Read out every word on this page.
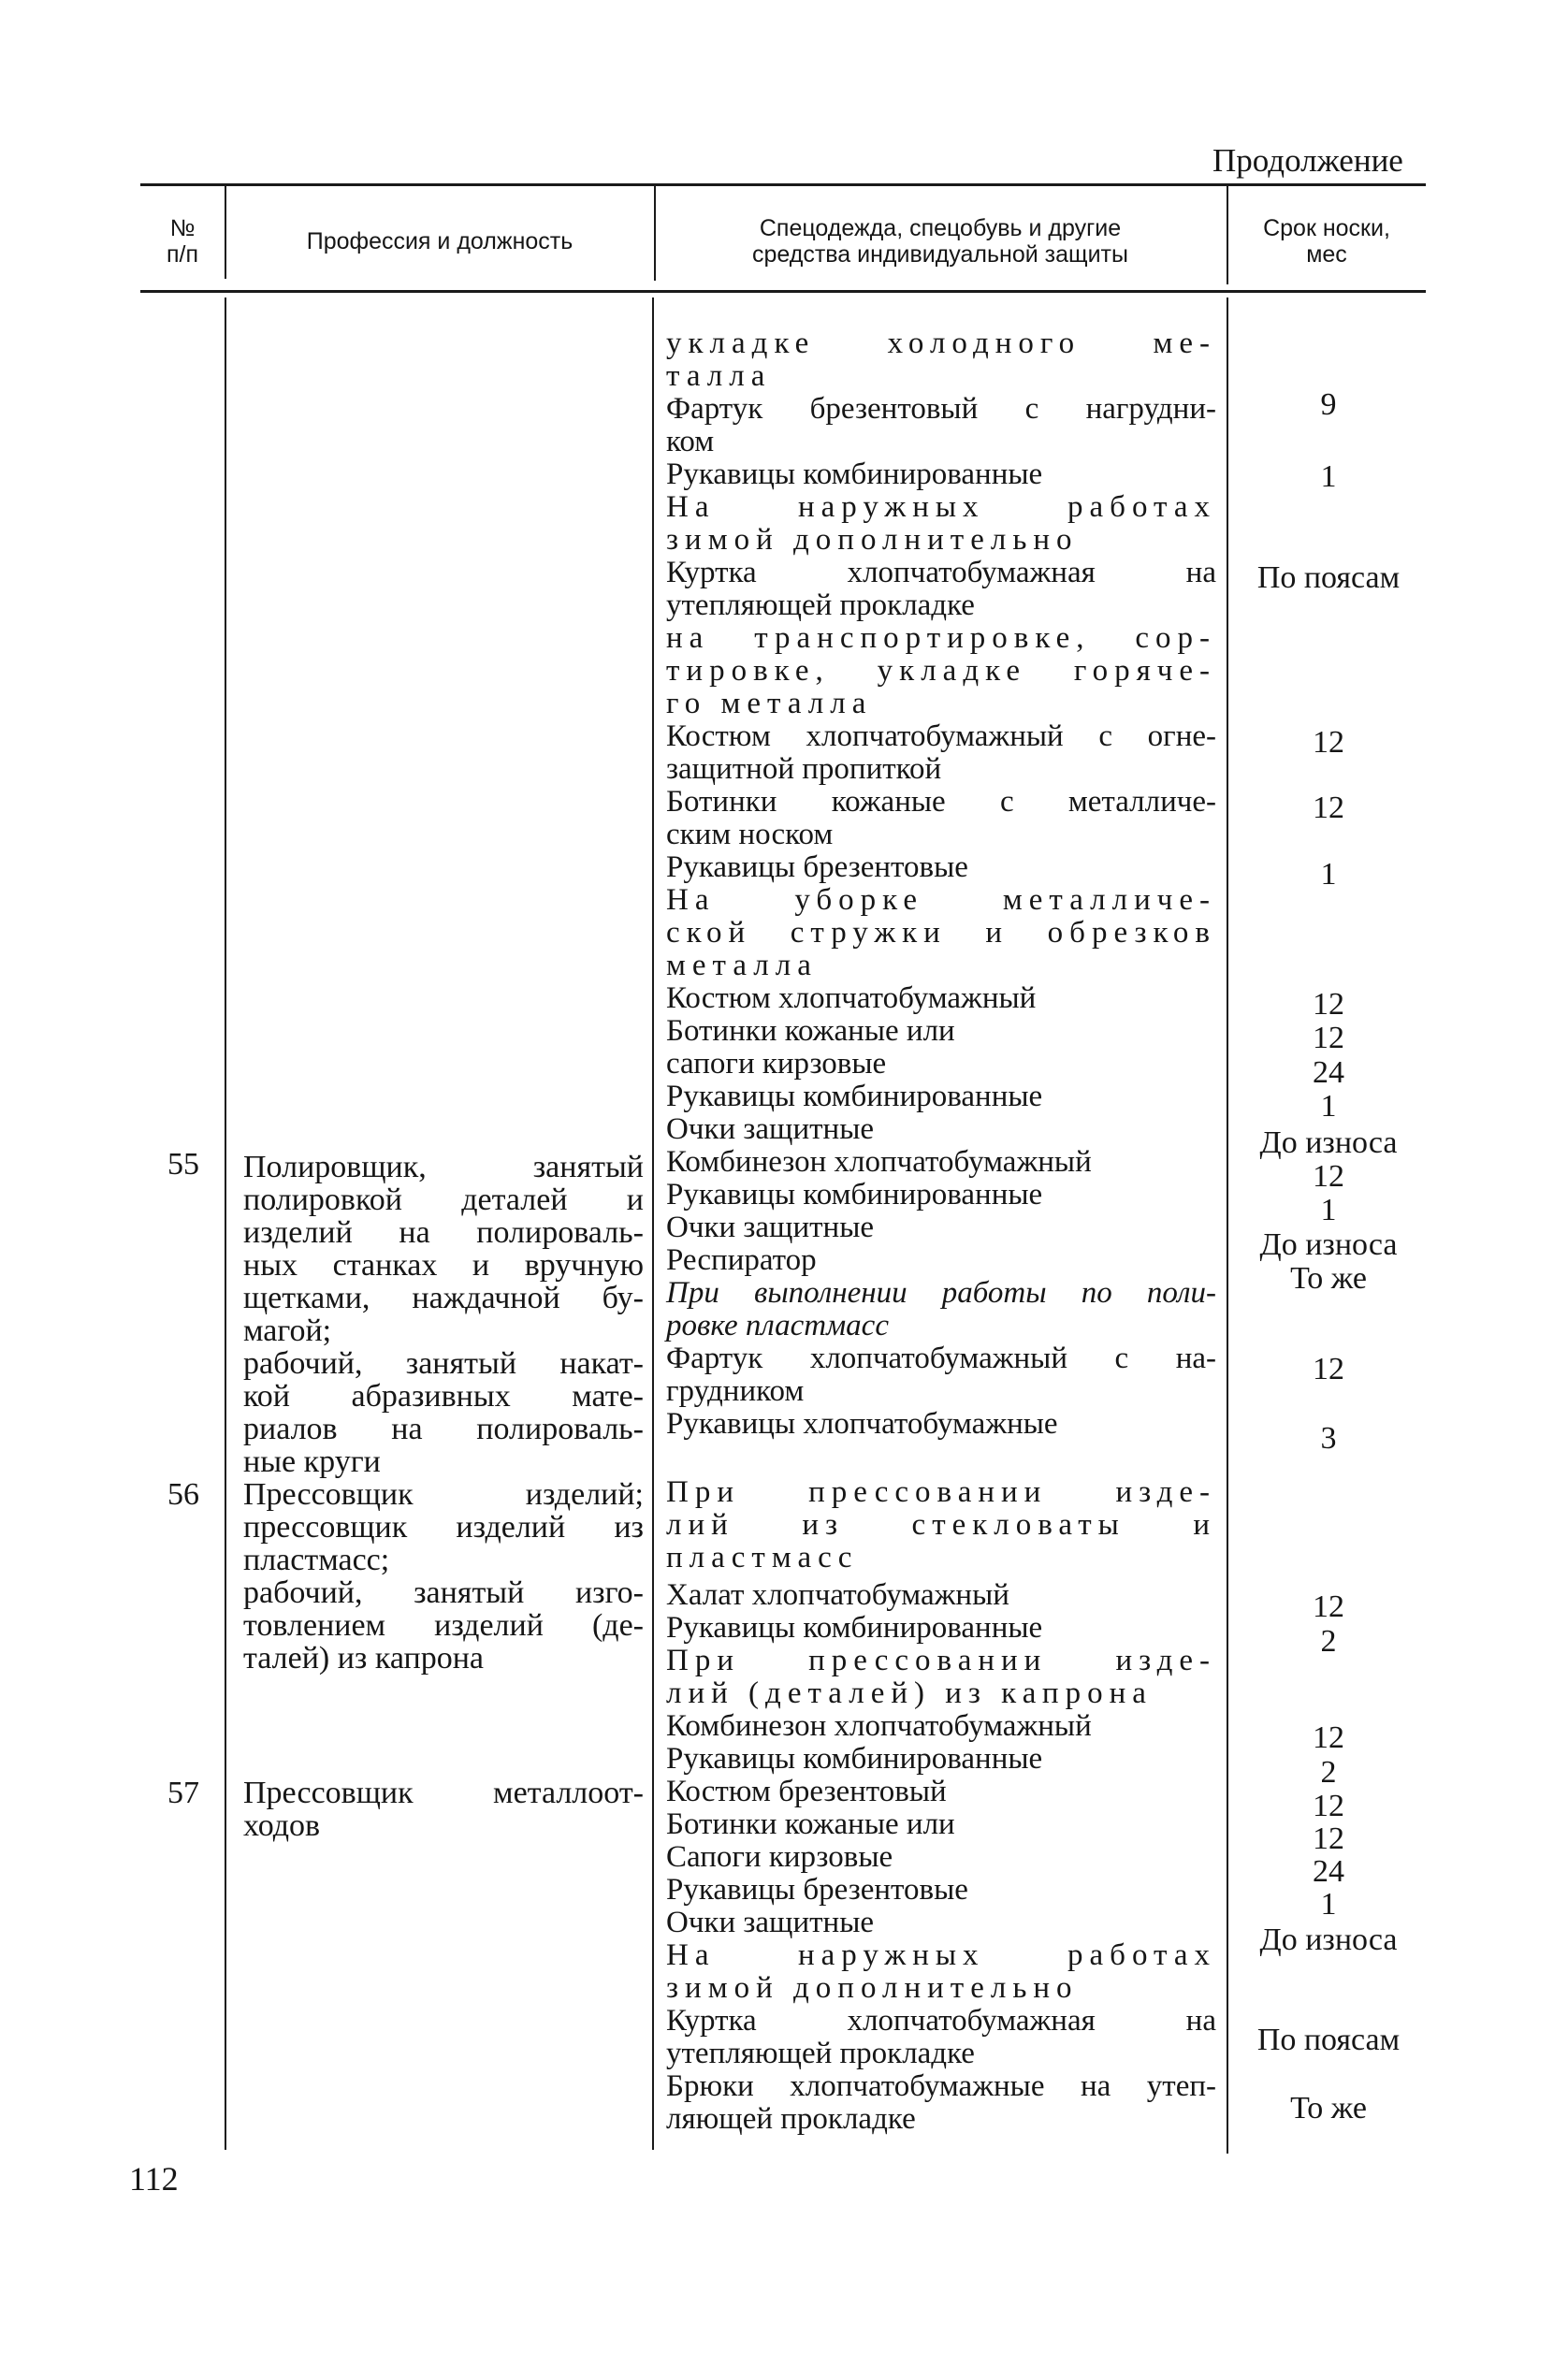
Продолжение
№
п/п	Профессия и должность	Спецодежда, спецобувь и другие
средства индивидуальной защиты
Срок носки,
мес
55
56
57
Полировщик, занятый
полировкой деталей и
изделий на полироваль-
ных станках и вручную
щетками, наждачной бу-
магой;
рабочий, занятый накат-
кой абразивных мате-
риалов на полироваль-
ные круги
Прессовщик изделий;
прессовщик изделий из
пластмасс;
рабочий, занятый изго-
товлением изделий (де-
талей) из капрона
Прессовщик металлоот-
ходов
укладке холодного ме-
талла
Фартук брезентовый с нагрудни-
ком
Рукавицы комбинированные
На наружных работах
зимой дополнительно
Куртка хлопчатобумажная на
утепляющей прокладке
на транспортировке, сор-
тировке, укладке горяче-
го металла
Костюм хлопчатобумажный с огне-
защитной пропиткой
Ботинки кожаные с металличе-
ским носком
Рукавицы брезентовые
На уборке металличе-
ской стружки и обрезков
металла
Костюм хлопчатобумажный
Ботинки кожаные или
сапоги кирзовые
Рукавицы комбинированные
Очки защитные
Комбинезон хлопчатобумажный
Рукавицы комбинированные
Очки защитные
Респиратор
При выполнении работы по поли-
ровке пластмасс
Фартук хлопчатобумажный с на-
грудником
Рукавицы хлопчатобумажные
При прессовании изде-
лий из стекловаты и
пластмасс
Халат хлопчатобумажный
Рукавицы комбинированные
При прессовании изде-
лий (деталей) из капрона
Комбинезон хлопчатобумажный
Рукавицы комбинированные
Костюм брезентовый
Ботинки кожаные или
Сапоги кирзовые
Рукавицы брезентовые
Очки защитные
На наружных работах
зимой дополнительно
Куртка хлопчатобумажная на
утепляющей прокладке
Брюки хлопчатобумажные на утеп-
ляющей прокладке
9
1
По поясам
12
12
1
12
12
24
1
До износа
12
1
До износа
То же
12
3
12
2
12
2
12
12
24
1
До износа
По поясам
То же
112
